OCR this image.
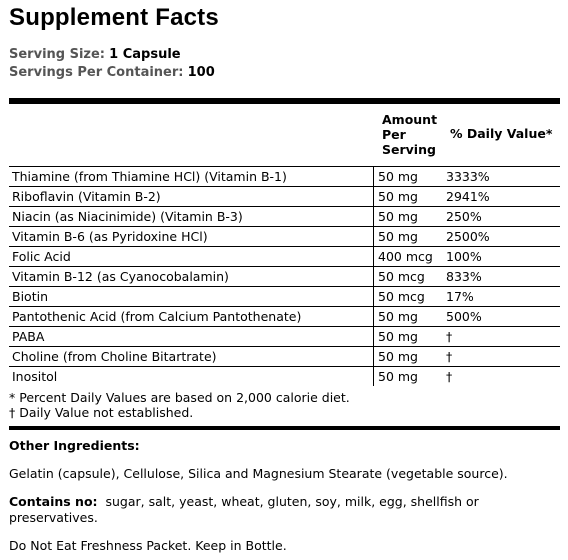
Supplement Facts
Serving Size: 1 Capsule
Servings Per Container: 100
Amount
Per
Serving
% Daily Value*
Thiamine (from Thiamine HCl) (Vitamin B-1)	50 mg	3333%
Riboflavin (Vitamin B-2)	50 mg	2941%
Niacin (as Niacinimide) (Vitamin B-3)	50 mg	250%
Vitamin B-6 (as Pyridoxine HCl)	50 mg	2500%
Folic Acid	400 mcg	100%
Vitamin B-12 (as Cyanocobalamin)	50 mcg	833%
Biotin	50 mcg	17%
Pantothenic Acid (from Calcium Pantothenate)	50 mg	500%
PABA	50 mg	†
Choline (from Choline Bitartrate)	50 mg	†
Inositol	50 mg	†
* Percent Daily Values are based on 2,000 calorie diet.
† Daily Value not established.
Other Ingredients:
Gelatin (capsule), Cellulose, Silica and Magnesium Stearate (vegetable source).
Contains no: sugar, salt, yeast, wheat, gluten, soy, milk, egg, shellfish or preservatives.
Do Not Eat Freshness Packet. Keep in Bottle.
